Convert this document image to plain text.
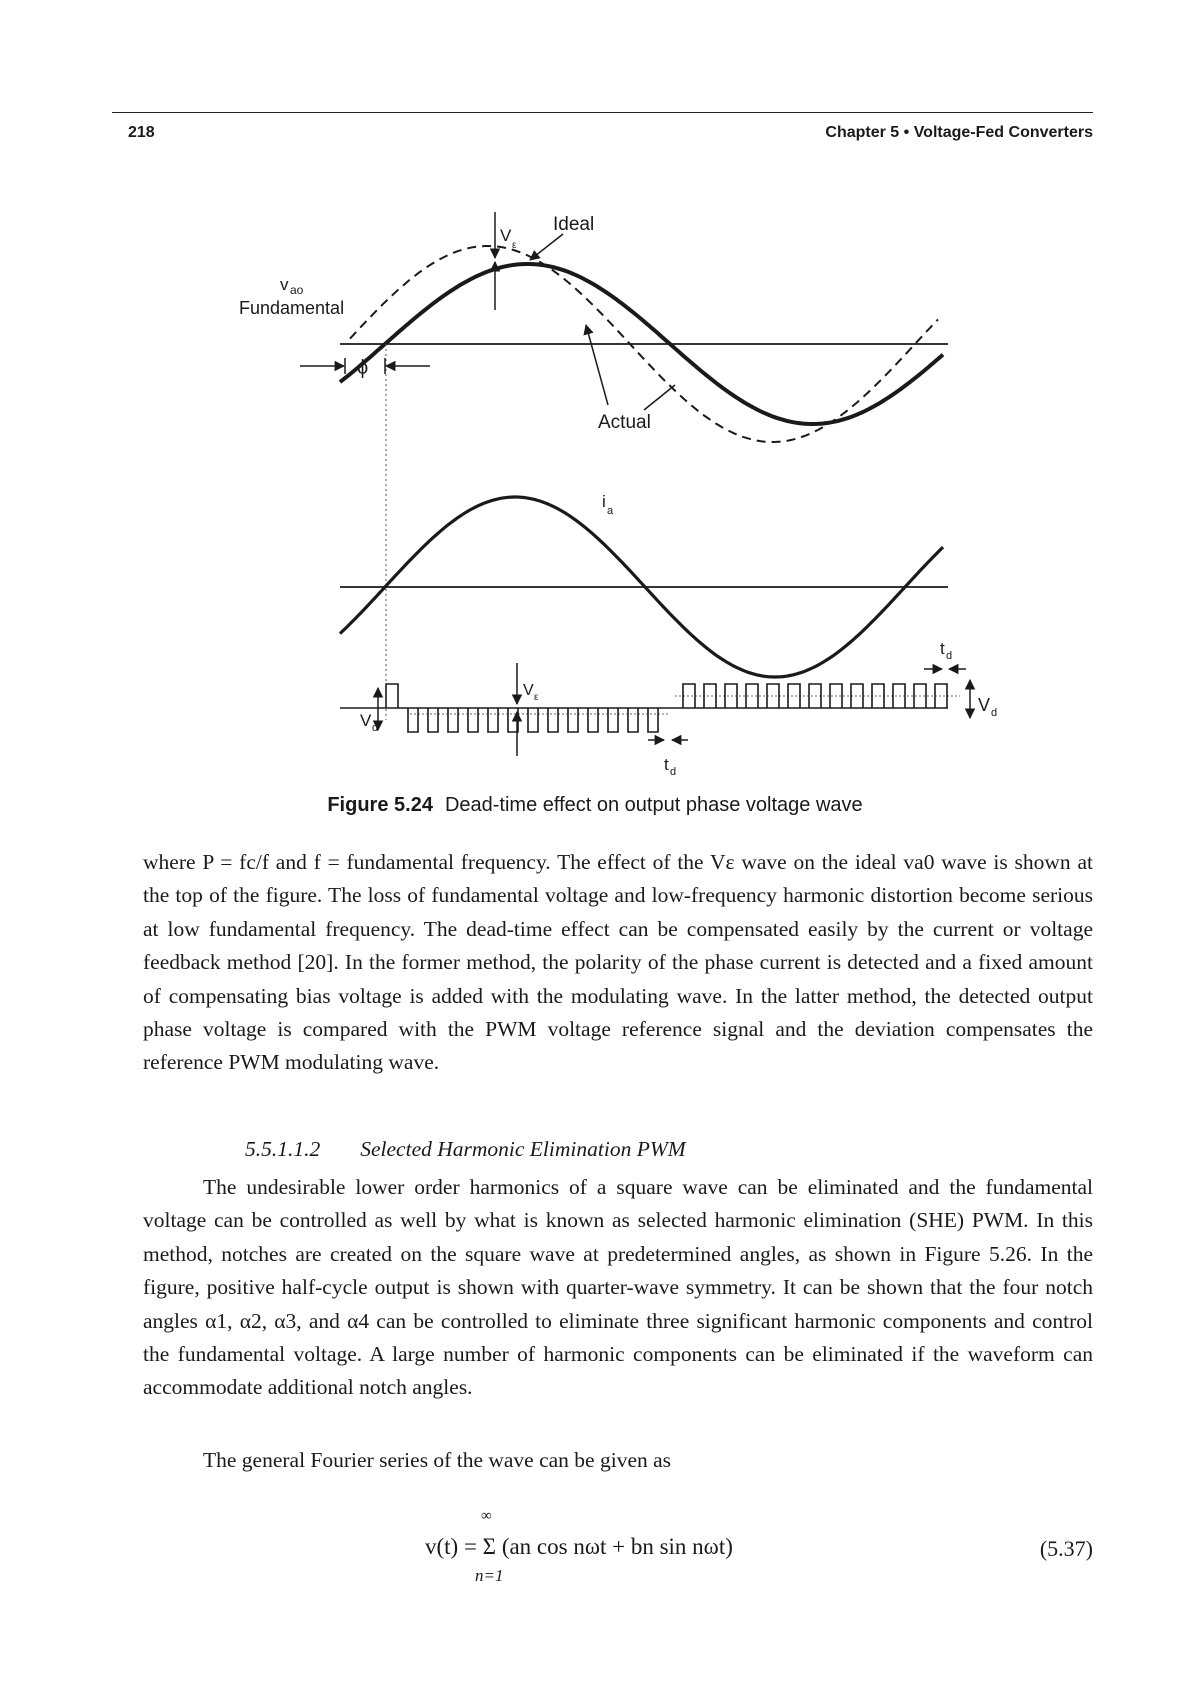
218	Chapter 5 • Voltage-Fed Converters
V
ε
Ideal
v ao
Fundamental
ϕ
Actual
i a
V ε
V d
V d
t d
t d
Figure 5.24 Dead-time effect on output phase voltage wave

where P = fc/f and f = fundamental frequency. The effect of the Vε wave on the ideal va0 wave is shown at the top of the figure. The loss of fundamental voltage and low-frequency harmonic distortion become serious at low fundamental frequency. The dead-time effect can be compensated easily by the current or voltage feedback method [20]. In the former method, the polarity of the phase current is detected and a fixed amount of compensating bias voltage is added with the modulating wave. In the latter method, the detected output phase voltage is compared with the PWM voltage reference signal and the deviation compensates the reference PWM modulating wave.

5.5.1.1.2 Selected Harmonic Elimination PWM

The undesirable lower order harmonics of a square wave can be eliminated and the fundamental voltage can be controlled as well by what is known as selected harmonic elimination (SHE) PWM. In this method, notches are created on the square wave at predetermined angles, as shown in Figure 5.26. In the figure, positive half-cycle output is shown with quarter-wave symmetry. It can be shown that the four notch angles α1, α2, α3, and α4 can be controlled to eliminate three significant harmonic components and control the fundamental voltage. A large number of harmonic components can be eliminated if the waveform can accommodate additional notch angles.

The general Fourier series of the wave can be given as

∞
v(t) = Σ (an cos nωt + bn sin nωt)
n=1
(5.37)
